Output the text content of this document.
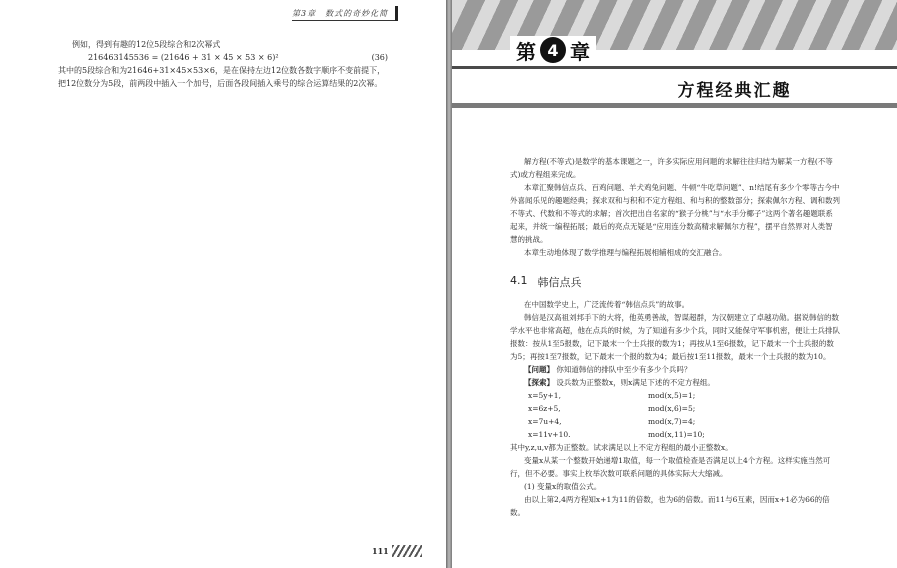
第3章　数式的奇妙化简

例如，得到有趣的12位5段综合和2次幂式

216463145536 = (21646 + 31 × 45 × 53 × 6)²	(36)

其中的5段综合和为21646+31×45×53×6，是在保持左边12位数各数字顺序不变前提下，把12位数分为5段，前两段中插入一个加号，后面各段间插入乘号的综合运算结果的2次幂。

111
第 4 章
方程经典汇趣

解方程(不等式)是数学的基本课题之一，许多实际应用问题的求解往往归结为解某一方程(不等式)或方程组来完成。

本章汇聚韩信点兵、百鸡问题、羊犬鸡兔问题、牛顿“牛吃草问题”、n!结尾有多少个零等古今中外喜闻乐见的趣题经典；探求双和与积和不定方程组、和与积的整数部分；探索佩尔方程、调和数列不等式、代数和不等式的求解；首次把出自名家的“猴子分桃”与“水手分椰子”这两个著名趣题联系起来，并统一编程拓展；最后的亮点无疑是“应用连分数高精求解佩尔方程”，摆平自然界对人类智慧的挑战。

本章生动地体现了数学推理与编程拓展相辅相成的交汇融合。

4.1 韩信点兵

在中国数学史上，广泛流传着“韩信点兵”的故事。

韩信是汉高祖刘邦手下的大将，他英勇善战，智谋超群，为汉朝建立了卓越功勋。据说韩信的数学水平也非常高超，他在点兵的时候，为了知道有多少个兵，同时又能保守军事机密，便让士兵排队报数：按从1至5报数，记下最末一个士兵报的数为1；再按从1至6报数，记下最末一个士兵报的数为5；再按1至7报数，记下最末一个报的数为4；最后按1至11报数，最末一个士兵报的数为10。

【问题】 你知道韩信的排队中至少有多少个兵吗？

【探索】 设兵数为正整数x，则x满足下述的不定方程组。

x=5y+1,	mod(x,5)=1;
x=6z+5,	mod(x,6)=5;
x=7u+4,	mod(x,7)=4;
x=11v+10.	mod(x,11)=10;

其中y,z,u,v都为正整数。试求满足以上不定方程组的最小正整数x。

变量x从某一个整数开始递增1取值，每一个取值检查是否满足以上4个方程。这样实施当然可行，但不必要。事实上枚举次数可联系问题的具体实际大大缩减。

(1) 变量x的取值公式。

由以上第2,4两方程知x+1为11的倍数，也为6的倍数。而11与6互素，因而x+1必为66的倍数。
